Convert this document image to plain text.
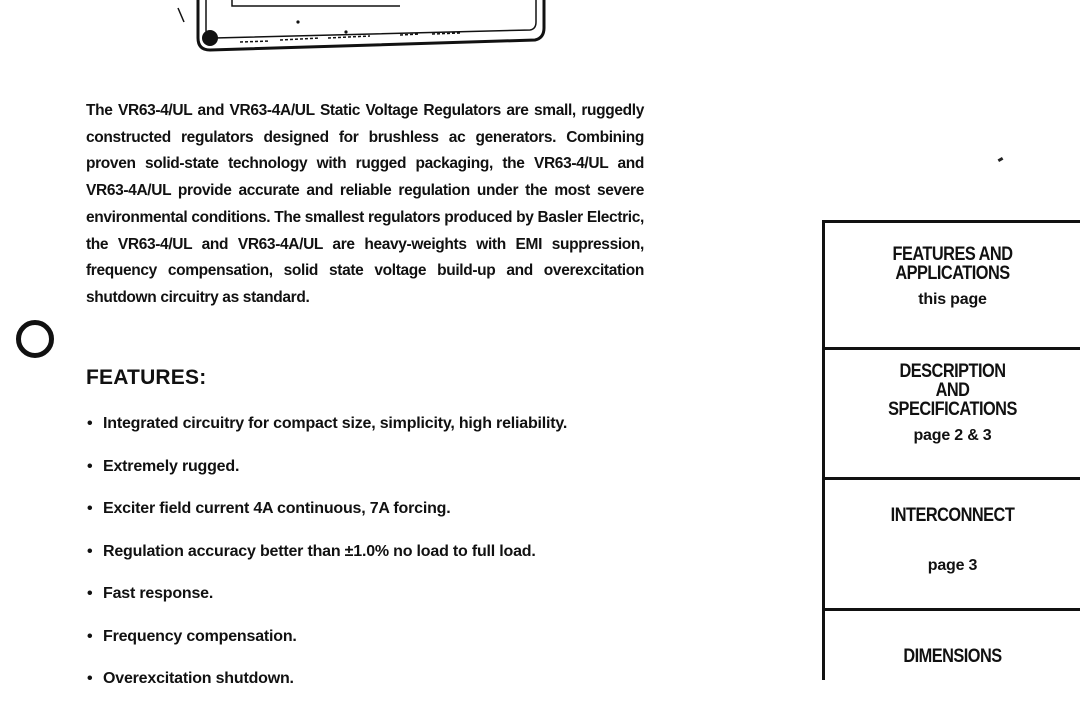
The VR63-4/UL and VR63-4A/UL Static Voltage Regulators are small, ruggedly constructed regulators designed for brushless ac generators. Combining proven solid-state technology with rugged packaging, the VR63-4/UL and VR63-4A/UL provide accurate and reliable regulation under the most severe environmental conditions. The smallest regulators produced by Basler Electric, the VR63-4/UL and VR63-4A/UL are heavy-weights with EMI suppression, frequency compensation, solid state voltage build-up and overexcitation shutdown circuitry as standard.

FEATURES:
• Integrated circuitry for compact size, simplicity, high reliability.
• Extremely rugged.
• Exciter field current 4A continuous, 7A forcing.
• Regulation accuracy better than ±1.0% no load to full load.
• Fast response.
• Frequency compensation.
• Overexcitation shutdown.
FEATURES AND
APPLICATIONS
this page
DESCRIPTION
AND
SPECIFICATIONS
page 2 & 3
INTERCONNECT
page 3
DIMENSIONS
